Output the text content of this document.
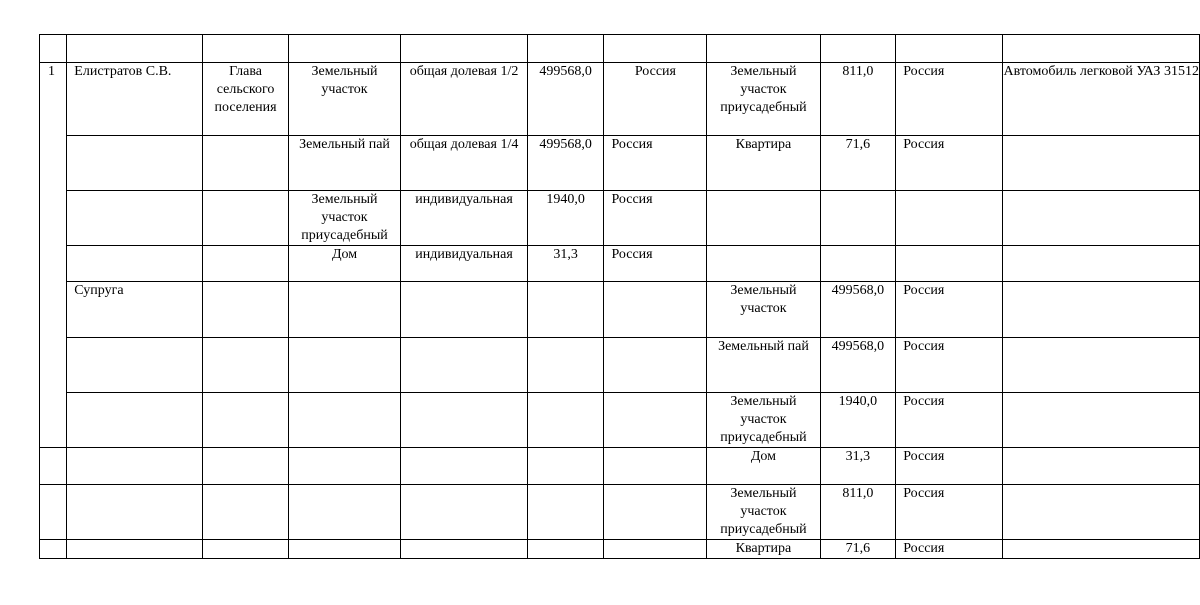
1	Елистратов С.В.	Глава сельского поселения	Земельный участок	общая долевая 1/2	499568,0	Россия	Земельный участок приусадебный	811,0	Россия	Автомобиль легковой УАЗ 31512
			Земельный пай	общая долевая 1/4	499568,0	Россия	Квартира	71,6	Россия	
			Земельный участок приусадебный	индивидуальная	1940,0	Россия				
			Дом	индивидуальная	31,3	Россия				
	Супруга						Земельный участок	499568,0	Россия	
							Земельный пай	499568,0	Россия	
							Земельный участок приусадебный	1940,0	Россия	
							Дом	31,3	Россия	
							Земельный участок приусадебный	811,0	Россия	
							Квартира	71,6	Россия	
